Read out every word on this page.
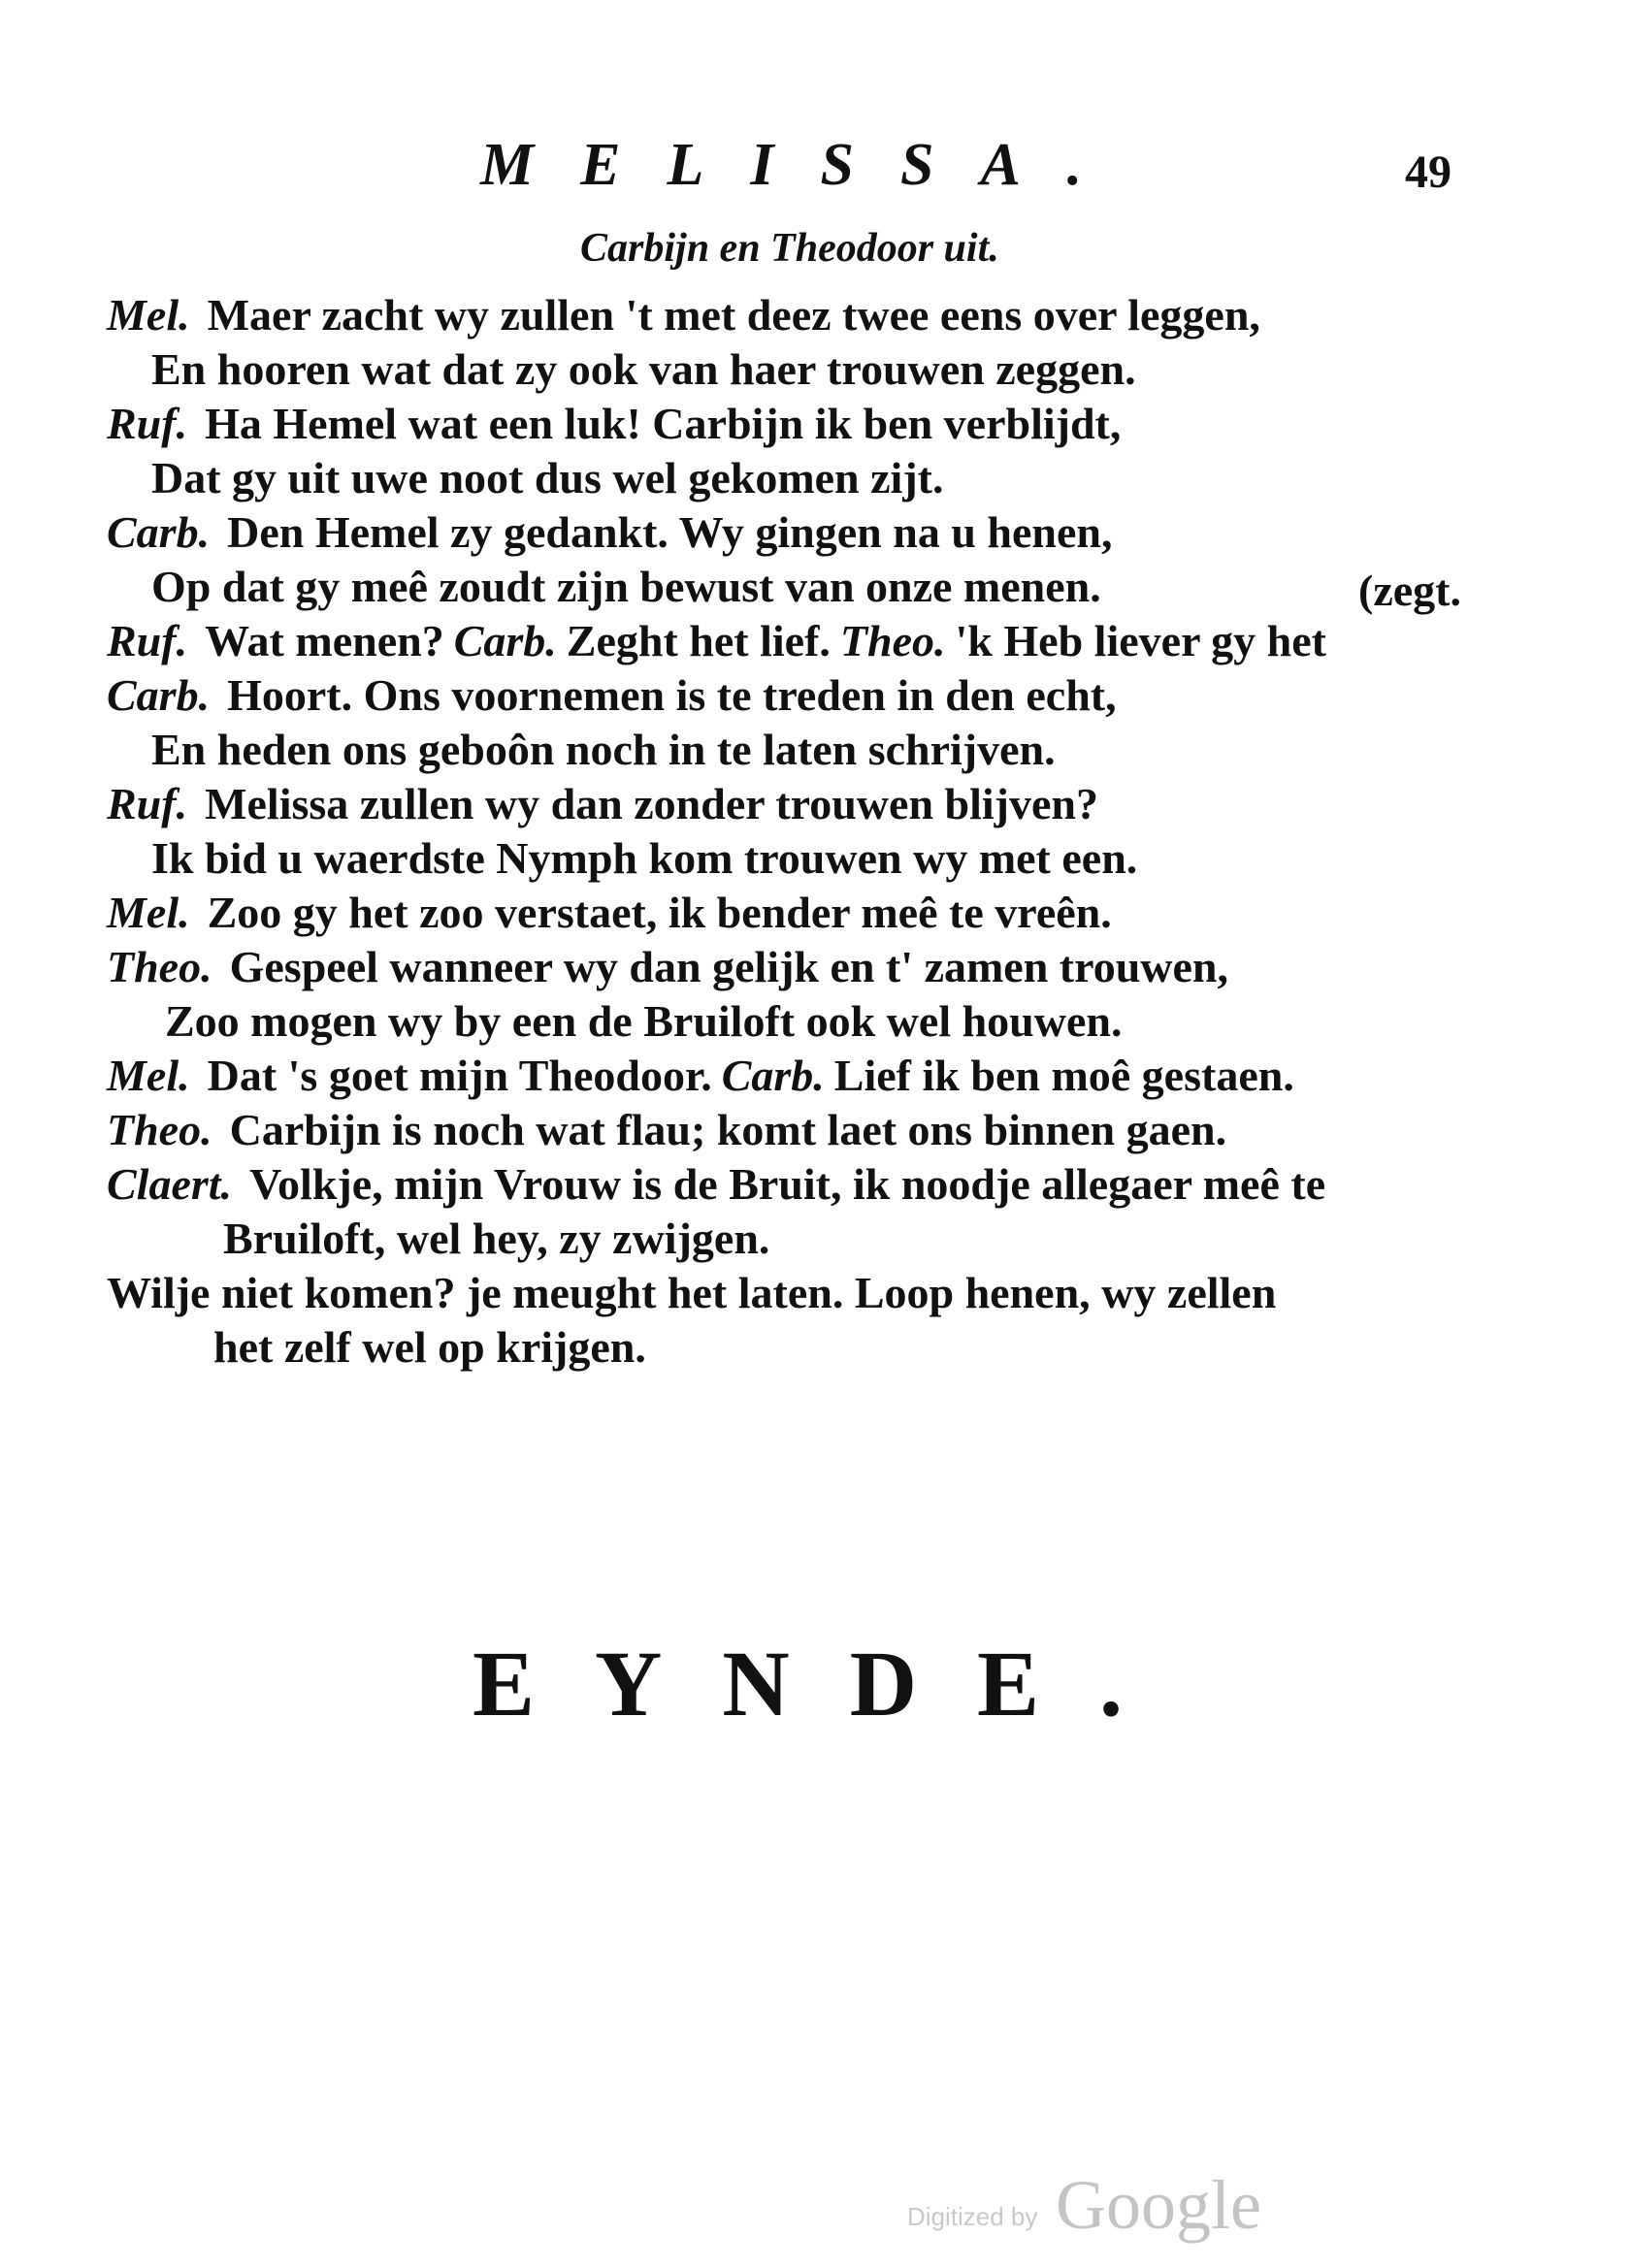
MELISSA.	49
Carbijn en Theodoor uit.
Mel. Maer zacht wy zullen 't met deez twee eens over leggen,
En hooren wat dat zy ook van haer trouwen zeggen.
Ruf. Ha Hemel wat een luk! Carbijn ik ben verblijdt,
Dat gy uit uwe noot dus wel gekomen zijt.
Carb. Den Hemel zy gedankt. Wy gingen na u henen,
Op dat gy meê zoudt zijn bewust van onze menen.	(zegt.
Ruf. Wat menen? Carb. Zeght het lief. Theo. 'k Heb liever gy het
Carb. Hoort. Ons voornemen is te treden in den echt,
En heden ons geboôn noch in te laten schrijven.
Ruf. Melissa zullen wy dan zonder trouwen blijven?
Ik bid u waerdste Nymph kom trouwen wy met een.
Mel. Zoo gy het zoo verstaet, ik bender meê te vreên.
Theo. Gespeel wanneer wy dan gelijk en t' zamen trouwen,
Zoo mogen wy by een de Bruiloft ook wel houwen.
Mel. Dat 's goet mijn Theodoor. Carb. Lief ik ben moê gestaen.
Theo. Carbijn is noch wat flau; komt laet ons binnen gaen.
Claert. Volkje, mijn Vrouw is de Bruit, ik noodje allegaer meê te
Bruiloft, wel hey, zy zwijgen.
Wilje niet komen? je meught het laten. Loop henen, wy zellen
het zelf wel op krijgen.
EYNDE.
Digitized by Google
